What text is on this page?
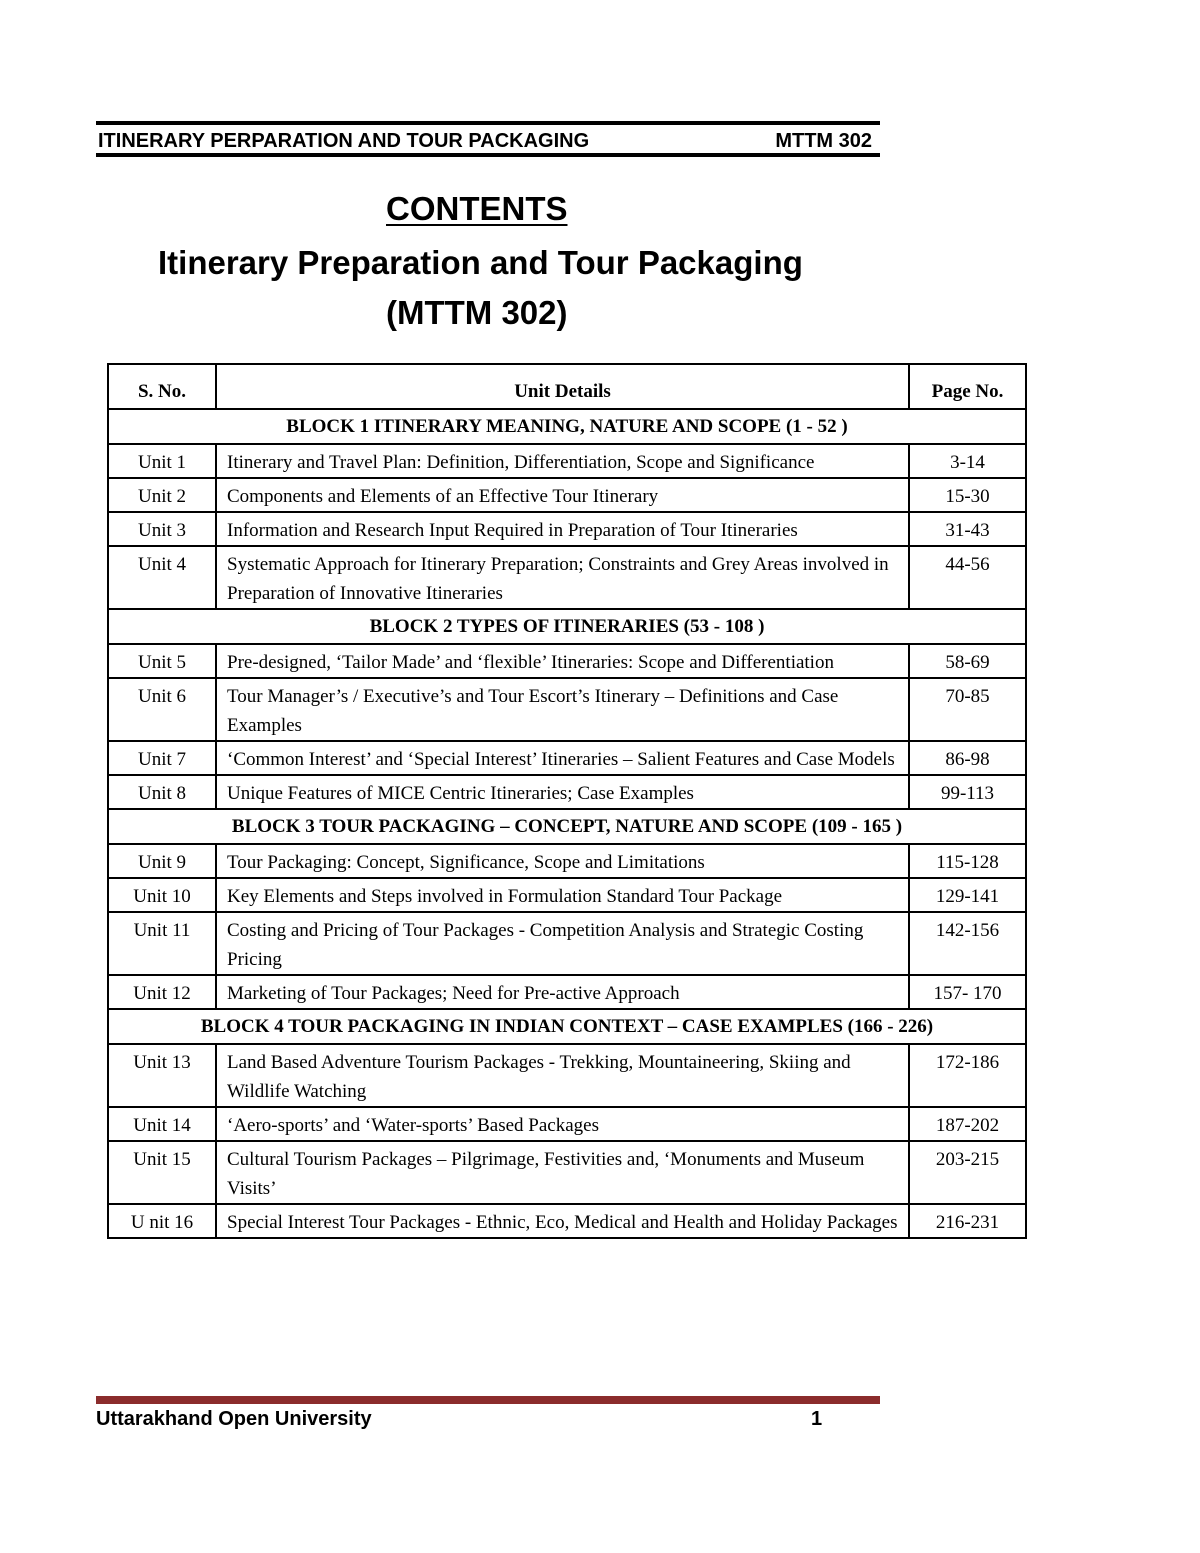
ITINERARY PERPARATION AND TOUR PACKAGING	MTTM 302
CONTENTS
Itinerary Preparation and Tour Packaging
(MTTM 302)
S. No.	Unit Details	Page No.
BLOCK 1 ITINERARY MEANING, NATURE AND SCOPE (1 - 52 )		
Unit 1	Itinerary and Travel Plan: Definition, Differentiation, Scope and Significance	3-14
Unit 2	Components and Elements of an Effective Tour Itinerary	15-30
Unit 3	Information and Research Input Required in Preparation of Tour Itineraries	31-43
Unit 4	Systematic Approach for Itinerary Preparation; Constraints and Grey Areas involved in Preparation of Innovative Itineraries	44-56
BLOCK 2 TYPES OF ITINERARIES (53 - 108 )		
Unit 5	Pre-designed, ‘Tailor Made’ and ‘flexible’ Itineraries: Scope and Differentiation	58-69
Unit 6	Tour Manager’s / Executive’s and Tour Escort’s Itinerary – Definitions and Case Examples	70-85
Unit 7	‘Common Interest’ and ‘Special Interest’ Itineraries – Salient Features and Case Models	86-98
Unit 8	Unique Features of MICE Centric Itineraries; Case Examples	99-113
BLOCK 3 TOUR PACKAGING – CONCEPT, NATURE AND SCOPE (109 - 165 )		
Unit 9	Tour Packaging: Concept, Significance, Scope and Limitations	115-128
Unit 10	Key Elements and Steps involved in Formulation Standard Tour Package	129-141
Unit 11	Costing and Pricing of Tour Packages - Competition Analysis and Strategic Costing Pricing	142-156
Unit 12	Marketing of Tour Packages; Need for Pre-active Approach	157- 170
BLOCK 4 TOUR PACKAGING IN INDIAN CONTEXT – CASE EXAMPLES (166 - 226)		
Unit 13	Land Based Adventure Tourism Packages - Trekking, Mountaineering, Skiing and Wildlife Watching	172-186
Unit 14	‘Aero-sports’ and ‘Water-sports’ Based Packages	187-202
Unit 15	Cultural Tourism Packages – Pilgrimage, Festivities and, ‘Monuments and Museum Visits’	203-215
U nit 16	Special Interest Tour Packages - Ethnic, Eco, Medical and Health and Holiday Packages	216-231
Uttarakhand Open University	1
